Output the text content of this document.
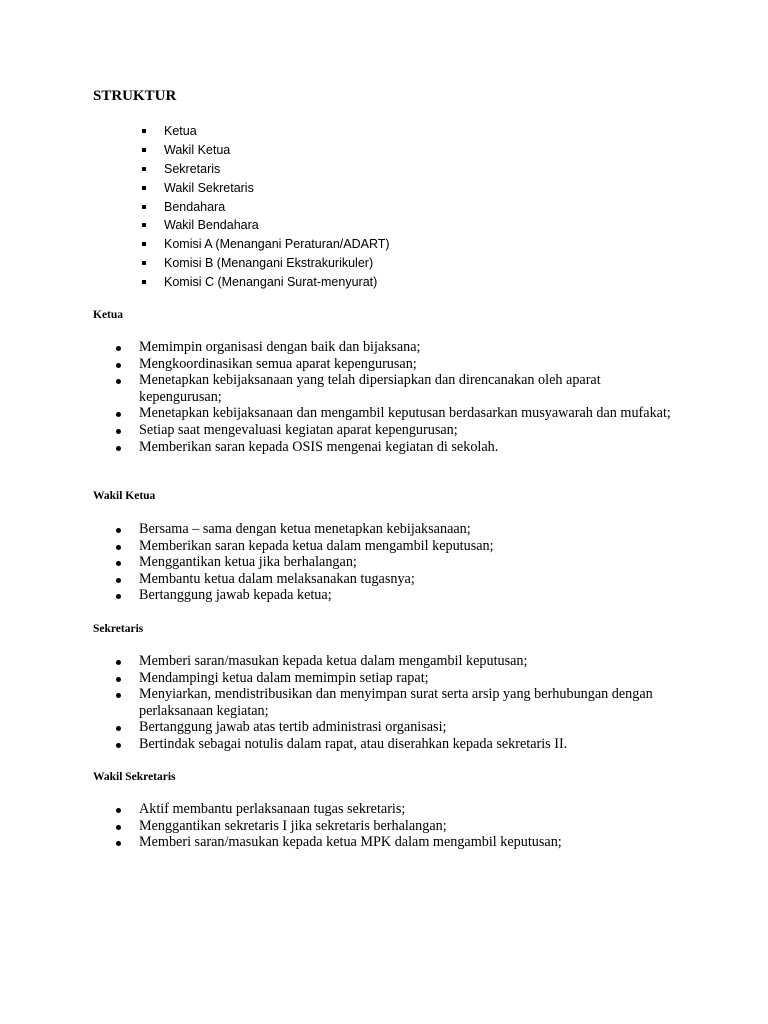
STRUKTUR
Ketua
Wakil Ketua
Sekretaris
Wakil Sekretaris
Bendahara
Wakil Bendahara
Komisi A (Menangani Peraturan/ADART)
Komisi B (Menangani Ekstrakurikuler)
Komisi C (Menangani Surat-menyurat)
Ketua
Memimpin organisasi dengan baik dan bijaksana;
Mengkoordinasikan semua aparat kepengurusan;
Menetapkan kebijaksanaan yang telah dipersiapkan dan direncanakan oleh aparat kepengurusan;
Menetapkan kebijaksanaan dan mengambil keputusan berdasarkan musyawarah dan mufakat;
Setiap saat mengevaluasi kegiatan aparat kepengurusan;
Memberikan saran kepada OSIS mengenai kegiatan di sekolah.
Wakil Ketua
Bersama – sama dengan ketua menetapkan kebijaksanaan;
Memberikan saran kepada ketua dalam mengambil keputusan;
Menggantikan ketua jika berhalangan;
Membantu ketua dalam melaksanakan tugasnya;
Bertanggung jawab kepada ketua;
Sekretaris
Memberi saran/masukan kepada ketua dalam mengambil keputusan;
Mendampingi ketua dalam memimpin setiap rapat;
Menyiarkan, mendistribusikan dan menyimpan surat serta arsip yang berhubungan dengan perlaksanaan kegiatan;
Bertanggung jawab atas tertib administrasi organisasi;
Bertindak sebagai notulis dalam rapat, atau diserahkan kepada sekretaris II.
Wakil Sekretaris
Aktif membantu perlaksanaan tugas sekretaris;
Menggantikan sekretaris I jika sekretaris berhalangan;
Memberi saran/masukan kepada ketua MPK dalam mengambil keputusan;
